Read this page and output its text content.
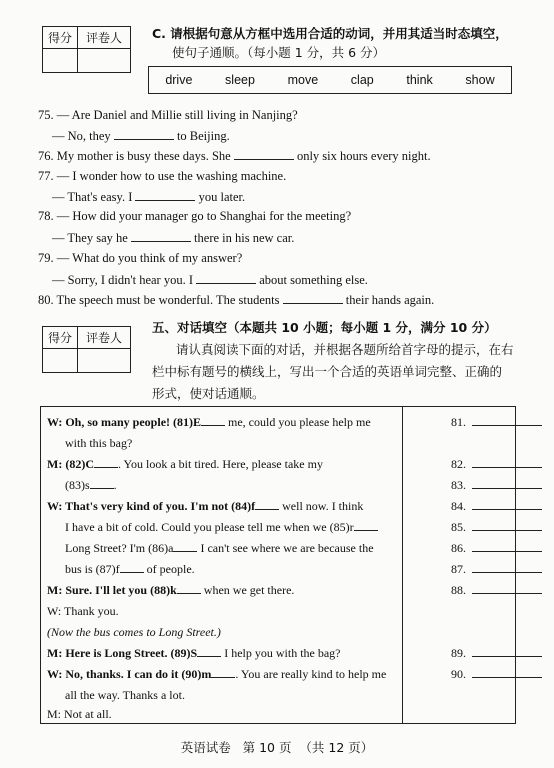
得分	评卷人
	C. 请根据句意从方框中选用合适的动词，并用其适当时态填空，
使句子通顺。（每小题 1 分，共 6 分）
drive	sleep	move	clap	think	show
75. — Are Daniel and Millie still living in Nanjing?
— No, they	to Beijing.
76. My mother is busy these days. She	only six hours every night.
77. — I wonder how to use the washing machine.
— That's easy. I	you later.
78. — How did your manager go to Shanghai for the meeting?
— They say he	there in his new car.
79. — What do you think of my answer?
— Sorry, I didn't hear you. I	about something else.
80. The speech must be wonderful. The students	their hands again.
得分	评卷人

五、对话填空（本题共 10 小题；每小题 1 分，满分 10 分）
请认真阅读下面的对话，并根据各题所给首字母的提示，在右
栏中标有题号的横线上，写出一个合适的英语单词完整、正确的
形式，使对话通顺。
W: Oh, so many people! (81)E me, could you please help me
with this bag?
M: (82)C . You look a bit tired. Here, please take my
(83)s .
W: That's very kind of you. I'm not (84)f well now. I think
I have a bit of cold. Could you please tell me when we (85)r
Long Street? I'm (86)a I can't see where we are because the
bus is (87)f of people.
M: Sure. I'll let you (88)k when we get there.
W: Thank you.
(Now the bus comes to Long Street.)
M: Here is Long Street. (89)S I help you with the bag?
W: No, thanks. I can do it (90)m . You are really kind to help me
all the way. Thanks a lot.
M: Not at all.
81.
82.
83.
84.
85.
86.
87.
88.
89.
90.
英语试卷   第 10 页  （共 12 页）
